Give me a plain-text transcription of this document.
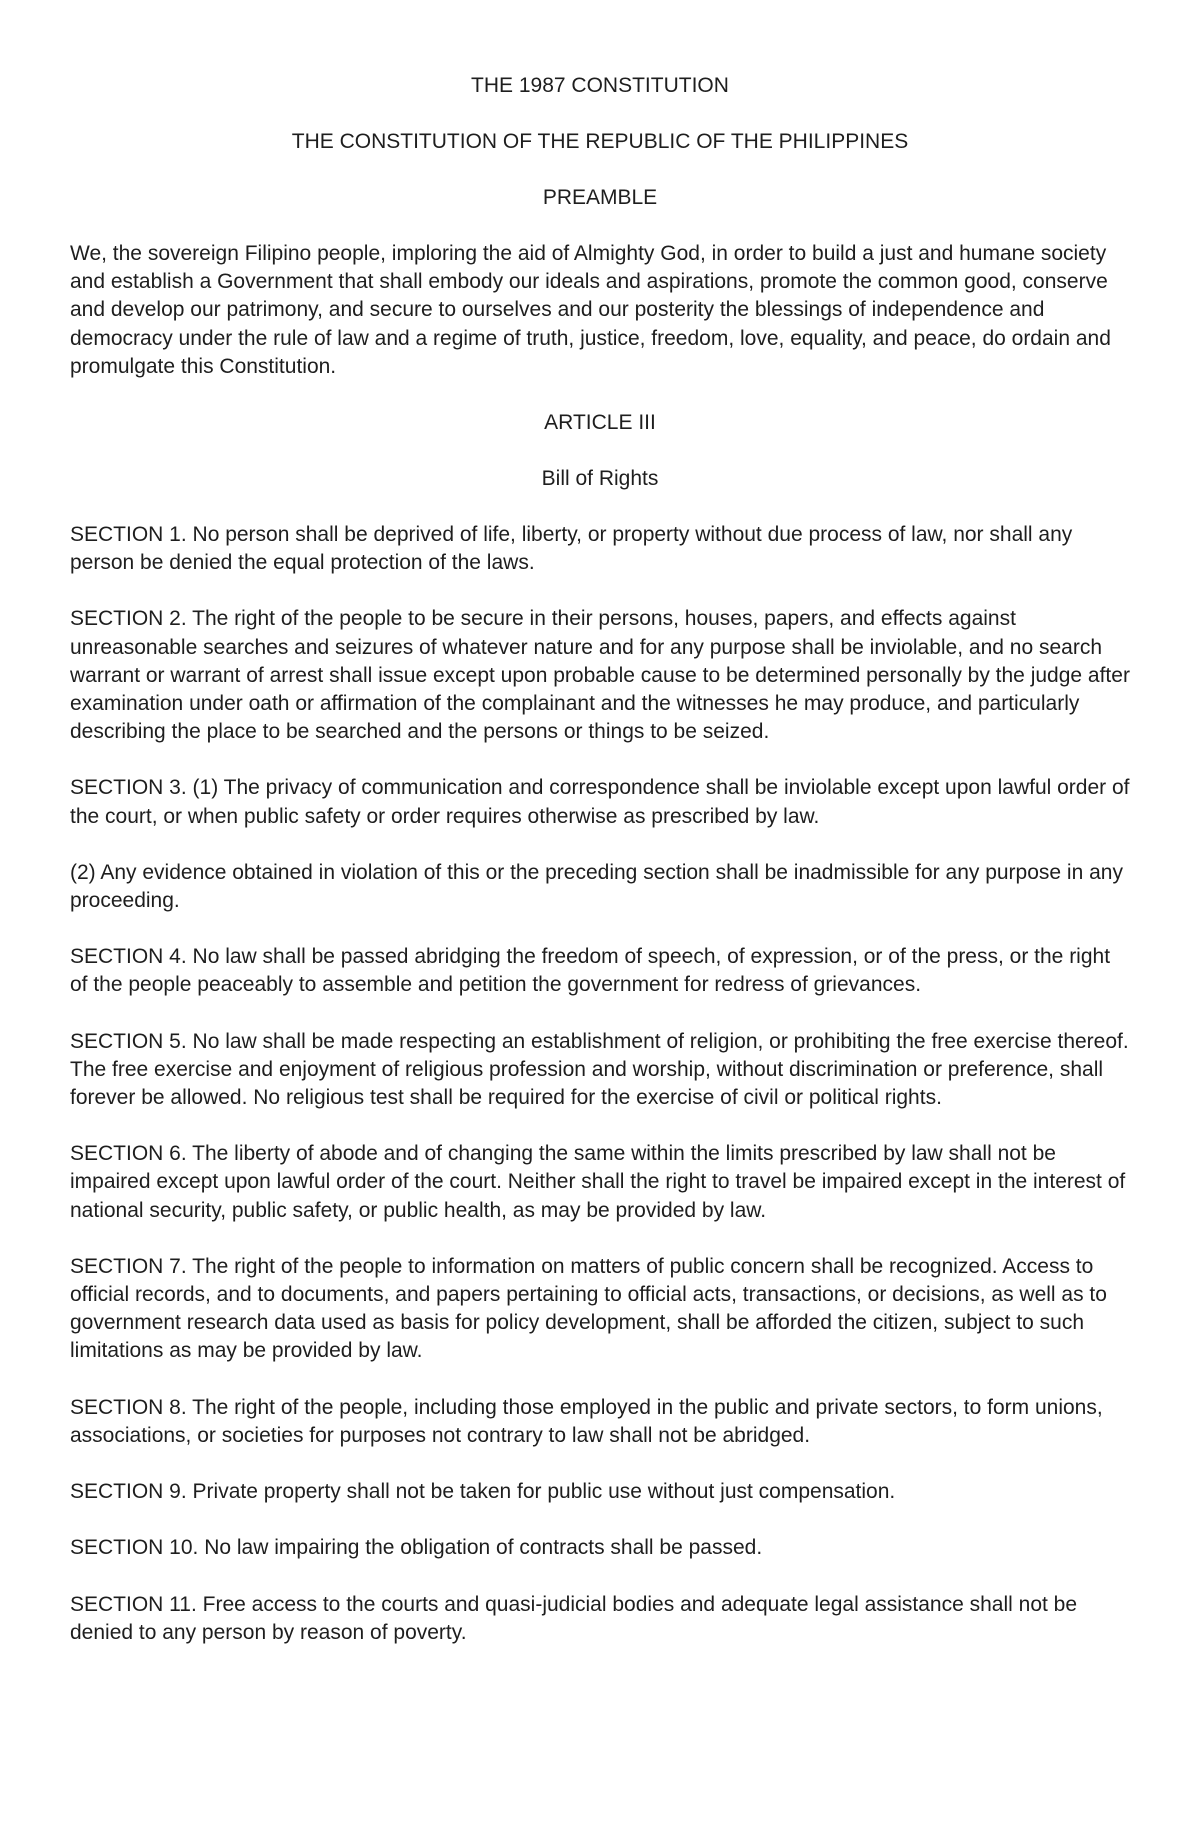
THE 1987 CONSTITUTION

THE CONSTITUTION OF THE REPUBLIC OF THE PHILIPPINES

PREAMBLE

We, the sovereign Filipino people, imploring the aid of Almighty God, in order to build a just and humane society and establish a Government that shall embody our ideals and aspirations, promote the common good, conserve and develop our patrimony, and secure to ourselves and our posterity the blessings of independence and democracy under the rule of law and a regime of truth, justice, freedom, love, equality, and peace, do ordain and promulgate this Constitution.

ARTICLE III

Bill of Rights

SECTION 1. No person shall be deprived of life, liberty, or property without due process of law, nor shall any person be denied the equal protection of the laws.

SECTION 2. The right of the people to be secure in their persons, houses, papers, and effects against unreasonable searches and seizures of whatever nature and for any purpose shall be inviolable, and no search warrant or warrant of arrest shall issue except upon probable cause to be determined personally by the judge after examination under oath or affirmation of the complainant and the witnesses he may produce, and particularly describing the place to be searched and the persons or things to be seized.

SECTION 3. (1) The privacy of communication and correspondence shall be inviolable except upon lawful order of the court, or when public safety or order requires otherwise as prescribed by law.

(2) Any evidence obtained in violation of this or the preceding section shall be inadmissible for any purpose in any proceeding.

SECTION 4. No law shall be passed abridging the freedom of speech, of expression, or of the press, or the right of the people peaceably to assemble and petition the government for redress of grievances.

SECTION 5. No law shall be made respecting an establishment of religion, or prohibiting the free exercise thereof. The free exercise and enjoyment of religious profession and worship, without discrimination or preference, shall forever be allowed. No religious test shall be required for the exercise of civil or political rights.

SECTION 6. The liberty of abode and of changing the same within the limits prescribed by law shall not be impaired except upon lawful order of the court. Neither shall the right to travel be impaired except in the interest of national security, public safety, or public health, as may be provided by law.

SECTION 7. The right of the people to information on matters of public concern shall be recognized. Access to official records, and to documents, and papers pertaining to official acts, transactions, or decisions, as well as to government research data used as basis for policy development, shall be afforded the citizen, subject to such limitations as may be provided by law.

SECTION 8. The right of the people, including those employed in the public and private sectors, to form unions, associations, or societies for purposes not contrary to law shall not be abridged.

SECTION 9. Private property shall not be taken for public use without just compensation.

SECTION 10. No law impairing the obligation of contracts shall be passed.

SECTION 11. Free access to the courts and quasi-judicial bodies and adequate legal assistance shall not be denied to any person by reason of poverty.
